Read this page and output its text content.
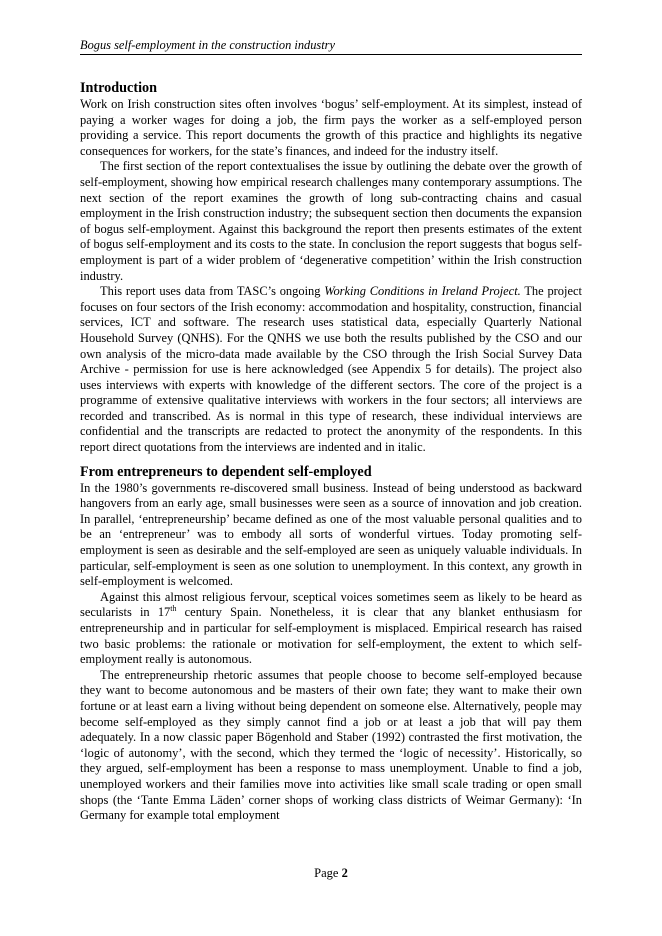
Bogus self-employment in the construction industry
Introduction

Work on Irish construction sites often involves ‘bogus’ self-employment. At its simplest, instead of paying a worker wages for doing a job, the firm pays the worker as a self-employed person providing a service. This report documents the growth of this practice and highlights its negative consequences for workers, for the state’s finances, and indeed for the industry itself.

The first section of the report contextualises the issue by outlining the debate over the growth of self-employment, showing how empirical research challenges many contemporary assumptions. The next section of the report examines the growth of long sub-contracting chains and casual employment in the Irish construction industry; the subsequent section then documents the expansion of bogus self-employment. Against this background the report then presents estimates of the extent of bogus self-employment and its costs to the state. In conclusion the report suggests that bogus self-employment is part of a wider problem of ‘degenerative competition’ within the Irish construction industry.

This report uses data from TASC’s ongoing Working Conditions in Ireland Project. The project focuses on four sectors of the Irish economy: accommodation and hospitality, construction, financial services, ICT and software. The research uses statistical data, especially Quarterly National Household Survey (QNHS). For the QNHS we use both the results published by the CSO and our own analysis of the micro-data made available by the CSO through the Irish Social Survey Data Archive - permission for use is here acknowledged (see Appendix 5 for details). The project also uses interviews with experts with knowledge of the different sectors. The core of the project is a programme of extensive qualitative interviews with workers in the four sectors; all interviews are recorded and transcribed. As is normal in this type of research, these individual interviews are confidential and the transcripts are redacted to protect the anonymity of the respondents. In this report direct quotations from the interviews are indented and in italic.

From entrepreneurs to dependent self-employed

In the 1980’s governments re-discovered small business. Instead of being understood as backward hangovers from an early age, small businesses were seen as a source of innovation and job creation. In parallel, ‘entrepreneurship’ became defined as one of the most valuable personal qualities and to be an ‘entrepreneur’ was to embody all sorts of wonderful virtues. Today promoting self-employment is seen as desirable and the self-employed are seen as uniquely valuable individuals. In particular, self-employment is seen as one solution to unemployment. In this context, any growth in self-employment is welcomed.

Against this almost religious fervour, sceptical voices sometimes seem as likely to be heard as secularists in 17th century Spain. Nonetheless, it is clear that any blanket enthusiasm for entrepreneurship and in particular for self-employment is misplaced. Empirical research has raised two basic problems: the rationale or motivation for self-employment, the extent to which self-employment really is autonomous.

The entrepreneurship rhetoric assumes that people choose to become self-employed because they want to become autonomous and be masters of their own fate; they want to make their own fortune or at least earn a living without being dependent on someone else. Alternatively, people may become self-employed as they simply cannot find a job or at least a job that will pay them adequately. In a now classic paper Bögenhold and Staber (1992) contrasted the first motivation, the ‘logic of autonomy’, with the second, which they termed the ‘logic of necessity’. Historically, so they argued, self-employment has been a response to mass unemployment. Unable to find a job, unemployed workers and their families move into activities like small scale trading or open small shops (the ‘Tante Emma Läden’ corner shops of working class districts of Weimar Germany): ‘In Germany for example total employment

Page 2
